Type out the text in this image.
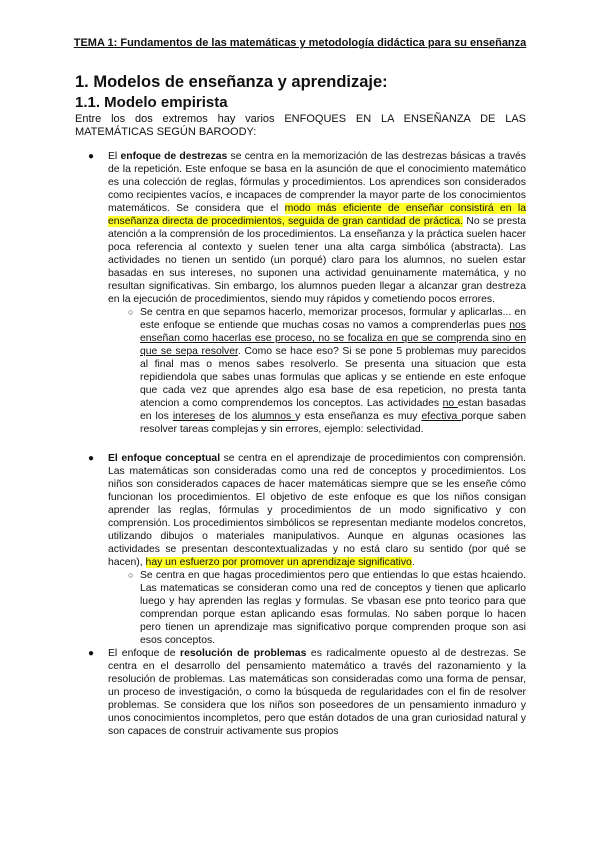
TEMA 1: Fundamentos de las matemáticas y metodología didáctica para su enseñanza
1. Modelos de enseñanza y aprendizaje:
1.1. Modelo empirista
Entre los dos extremos hay varios ENFOQUES EN LA ENSEÑANZA DE LAS MATEMÁTICAS SEGÚN BAROODY:
● El enfoque de destrezas se centra en la memorización de las destrezas básicas a través de la repetición. Este enfoque se basa en la asunción de que el conocimiento matemático es una colección de reglas, fórmulas y procedimientos. Los aprendices son considerados como recipientes vacíos, e incapaces de comprender la mayor parte de los conocimientos matemáticos. Se considera que el modo más eficiente de enseñar consistirá en la enseñanza directa de procedimientos, seguida de gran cantidad de práctica. No se presta atención a la comprensión de los procedimientos. La enseñanza y la práctica suelen hacer poca referencia al contexto y suelen tener una alta carga simbólica (abstracta). Las actividades no tienen un sentido (un porqué) claro para los alumnos, no suelen estar basadas en sus intereses, no suponen una actividad genuinamente matemática, y no resultan significativas. Sin embargo, los alumnos pueden llegar a alcanzar gran destreza en la ejecución de procedimientos, siendo muy rápidos y cometiendo pocos errores.
○ Se centra en que sepamos hacerlo, memorizar procesos, formular y aplicarlas... en este enfoque se entiende que muchas cosas no vamos a comprenderlas pues nos enseñan como hacerlas ese proceso, no se focaliza en que se comprenda sino en que se sepa resolver. Como se hace eso? Si se pone 5 problemas muy parecidos al final mas o menos sabes resolverlo. Se presenta una situacion que esta repidiendola que sabes unas formulas que aplicas y se entiende en este enfoque que cada vez que aprendes algo esa base de esa repeticion, no presta tanta atencion a como comprendemos los conceptos. Las actividades no estan basadas en los intereses de los alumnos y esta enseñanza es muy efectiva porque saben resolver tareas complejas y sin errores, ejemplo: selectividad.
● El enfoque conceptual se centra en el aprendizaje de procedimientos con comprensión. Las matemáticas son consideradas como una red de conceptos y procedimientos. Los niños son considerados capaces de hacer matemáticas siempre que se les enseñe cómo funcionan los procedimientos. El objetivo de este enfoque es que los niños consigan aprender las reglas, fórmulas y procedimientos de un modo significativo y con comprensión. Los procedimientos simbólicos se representan mediante modelos concretos, utilizando dibujos o materiales manipulativos. Aunque en algunas ocasiones las actividades se presentan descontextualizadas y no está claro su sentido (por qué se hacen), hay un esfuerzo por promover un aprendizaje significativo.
○ Se centra en que hagas procedimientos pero que entiendas lo que estas hcaiendo. Las matematicas se consideran como una red de conceptos y tienen que aplicarlo luego y hay aprenden las reglas y formulas. Se vbasan ese pnto teorico para que comprendan porque estan aplicando esas formulas. No saben porque lo hacen pero tienen un aprendizaje mas significativo porque comprenden proque son asi esos conceptos.
● El enfoque de resolución de problemas es radicalmente opuesto al de destrezas. Se centra en el desarrollo del pensamiento matemático a través del razonamiento y la resolución de problemas. Las matemáticas son consideradas como una forma de pensar, un proceso de investigación, o como la búsqueda de regularidades con el fin de resolver problemas. Se considera que los niños son poseedores de un pensamiento inmaduro y unos conocimientos incompletos, pero que están dotados de una gran curiosidad natural y son capaces de construir activamente sus propios
